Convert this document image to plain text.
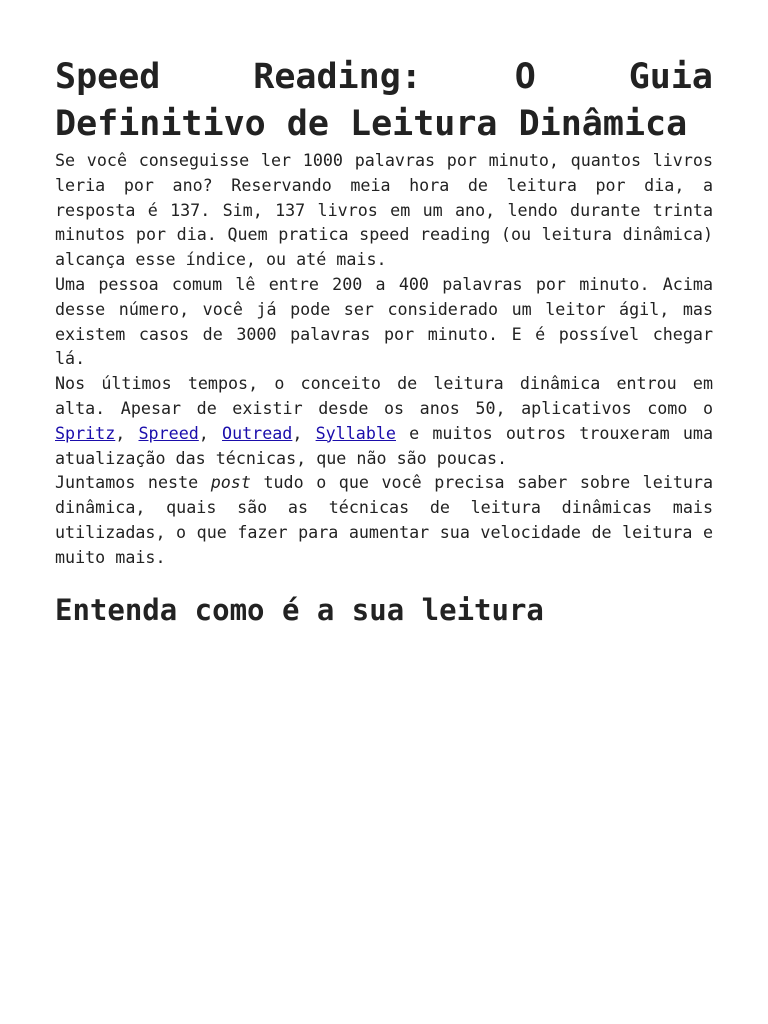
Speed Reading: O Guia Definitivo de Leitura Dinâmica

Se você conseguisse ler 1000 palavras por minuto, quantos livros leria por ano? Reservando meia hora de leitura por dia, a resposta é 137. Sim, 137 livros em um ano, lendo durante trinta minutos por dia. Quem pratica speed reading (ou leitura dinâmica) alcança esse índice, ou até mais.

Uma pessoa comum lê entre 200 a 400 palavras por minuto. Acima desse número, você já pode ser considerado um leitor ágil, mas existem casos de 3000 palavras por minuto. E é possível chegar lá.

Nos últimos tempos, o conceito de leitura dinâmica entrou em alta. Apesar de existir desde os anos 50, aplicativos como o Spritz, Spreed, Outread, Syllable e muitos outros trouxeram uma atualização das técnicas, que não são poucas.

Juntamos neste post tudo o que você precisa saber sobre leitura dinâmica, quais são as técnicas de leitura dinâmicas mais utilizadas, o que fazer para aumentar sua velocidade de leitura e muito mais.

Entenda como é a sua leitura
